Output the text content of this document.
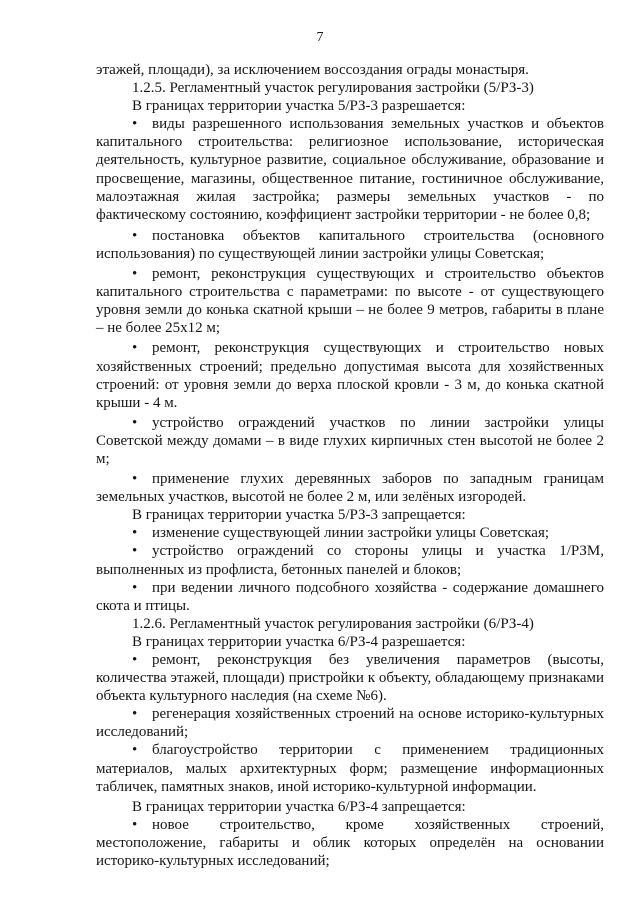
7

этажей, площади), за исключением воссоздания ограды монастыря.

1.2.5. Регламентный участок регулирования застройки (5/РЗ-3)

В границах территории участка 5/РЗ-3 разрешается:

• виды разрешенного использования земельных участков и объектов капитального строительства: религиозное использование, историческая деятельность, культурное развитие, социальное обслуживание, образование и просвещение, магазины, общественное питание, гостиничное обслуживание, малоэтажная жилая застройка; размеры земельных участков - по фактическому состоянию, коэффициент застройки территории - не более 0,8;

• постановка объектов капитального строительства (основного использования) по существующей линии застройки улицы Советская;

• ремонт, реконструкция существующих и строительство объектов капитального строительства с параметрами: по высоте - от существующего уровня земли до конька скатной крыши – не более 9 метров, габариты в плане – не более 25х12 м;

• ремонт, реконструкция существующих и строительство новых хозяйственных строений; предельно допустимая высота для хозяйственных строений: от уровня земли до верха плоской кровли - 3 м, до конька скатной крыши - 4 м.

• устройство ограждений участков по линии застройки улицы Советской между домами – в виде глухих кирпичных стен высотой не более 2 м;

• применение глухих деревянных заборов по западным границам земельных участков, высотой не более 2 м, или зелёных изгородей.

В границах территории участка 5/РЗ-3 запрещается:

• изменение существующей линии застройки улицы Советская;

• устройство ограждений со стороны улицы и участка 1/РЗМ, выполненных из профлиста, бетонных панелей и блоков;

• при ведении личного подсобного хозяйства - содержание домашнего скота и птицы.

1.2.6. Регламентный участок регулирования застройки (6/РЗ-4)

В границах территории участка 6/РЗ-4 разрешается:

• ремонт, реконструкция без увеличения параметров (высоты, количества этажей, площади) пристройки к объекту, обладающему признаками объекта культурного наследия (на схеме №6).

• регенерация хозяйственных строений на основе историко-культурных исследований;

• благоустройство территории с применением традиционных материалов, малых архитектурных форм; размещение информационных табличек, памятных знаков, иной историко-культурной информации.

В границах территории участка 6/РЗ-4 запрещается:

• новое строительство, кроме хозяйственных строений, местоположение, габариты и облик которых определён на основании историко-культурных исследований;
